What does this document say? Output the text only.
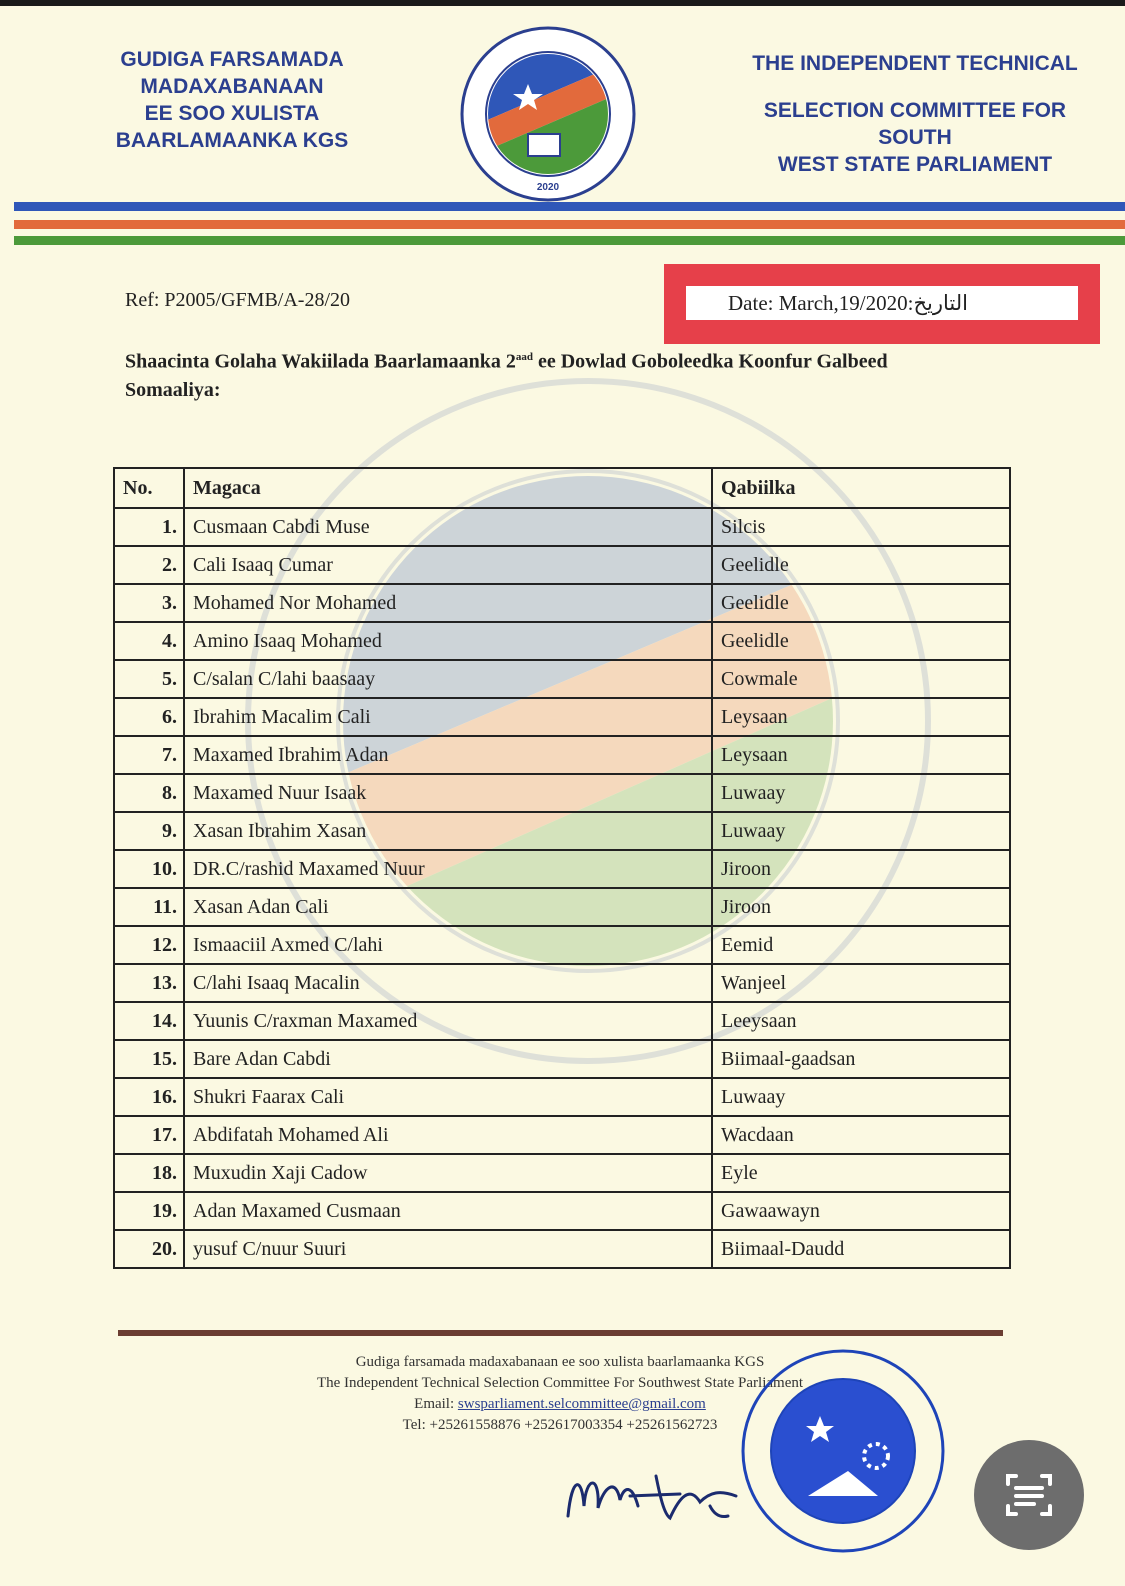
GUDIGA FARSAMADA MADAXABANAAN
EE SOO XULISTA
BAARLAMAANKA KGS
2020
THE INDEPENDENT TECHNICAL
SELECTION COMMITTEE FOR SOUTH
WEST STATE PARLIAMENT
Ref: P2005/GFMB/A-28/20	Date: March,19/2020:التاريخ
Shaacinta Golaha Wakiilada Baarlamaanka $2^{aad}$ ee Dowlad Goboleedka Koonfur Galbeed
Somaaliya:
No.	Magaca	Qabiilka
1.	Cusmaan Cabdi Muse	Silcis
2.	Cali Isaaq Cumar	Geelidle
3.	Mohamed Nor Mohamed	Geelidle
4.	Amino Isaaq Mohamed	Geelidle
5.	C/salan C/lahi baasaay	Cowmale
6.	Ibrahim Macalim Cali	Leysaan
7.	Maxamed Ibrahim Adan	Leysaan
8.	Maxamed Nuur Isaak	Luwaay
9.	Xasan Ibrahim Xasan	Luwaay
10.	DR.C/rashid Maxamed Nuur	Jiroon
11.	Xasan Adan Cali	Jiroon
12.	Ismaaciil Axmed C/lahi	Eemid
13.	C/lahi Isaaq Macalin	Wanjeel
14.	Yuunis C/raxman Maxamed	Leeysaan
15.	Bare Adan Cabdi	Biimaal-gaadsan
16.	Shukri Faarax Cali	Luwaay
17.	Abdifatah Mohamed Ali	Wacdaan
18.	Muxudin Xaji Cadow	Eyle
19.	Adan Maxamed Cusmaan	Gawaawayn
20.	yusuf C/nuur Suuri	Biimaal-Daudd
Gudiga farsamada madaxabanaan ee soo xulista baarlamaanka KGS
The Independent Technical Selection Committee For Southwest State Parliament
Email: swsparliament.selcommittee@gmail.com
Tel: +25261558876 +252617003354 +25261562723
